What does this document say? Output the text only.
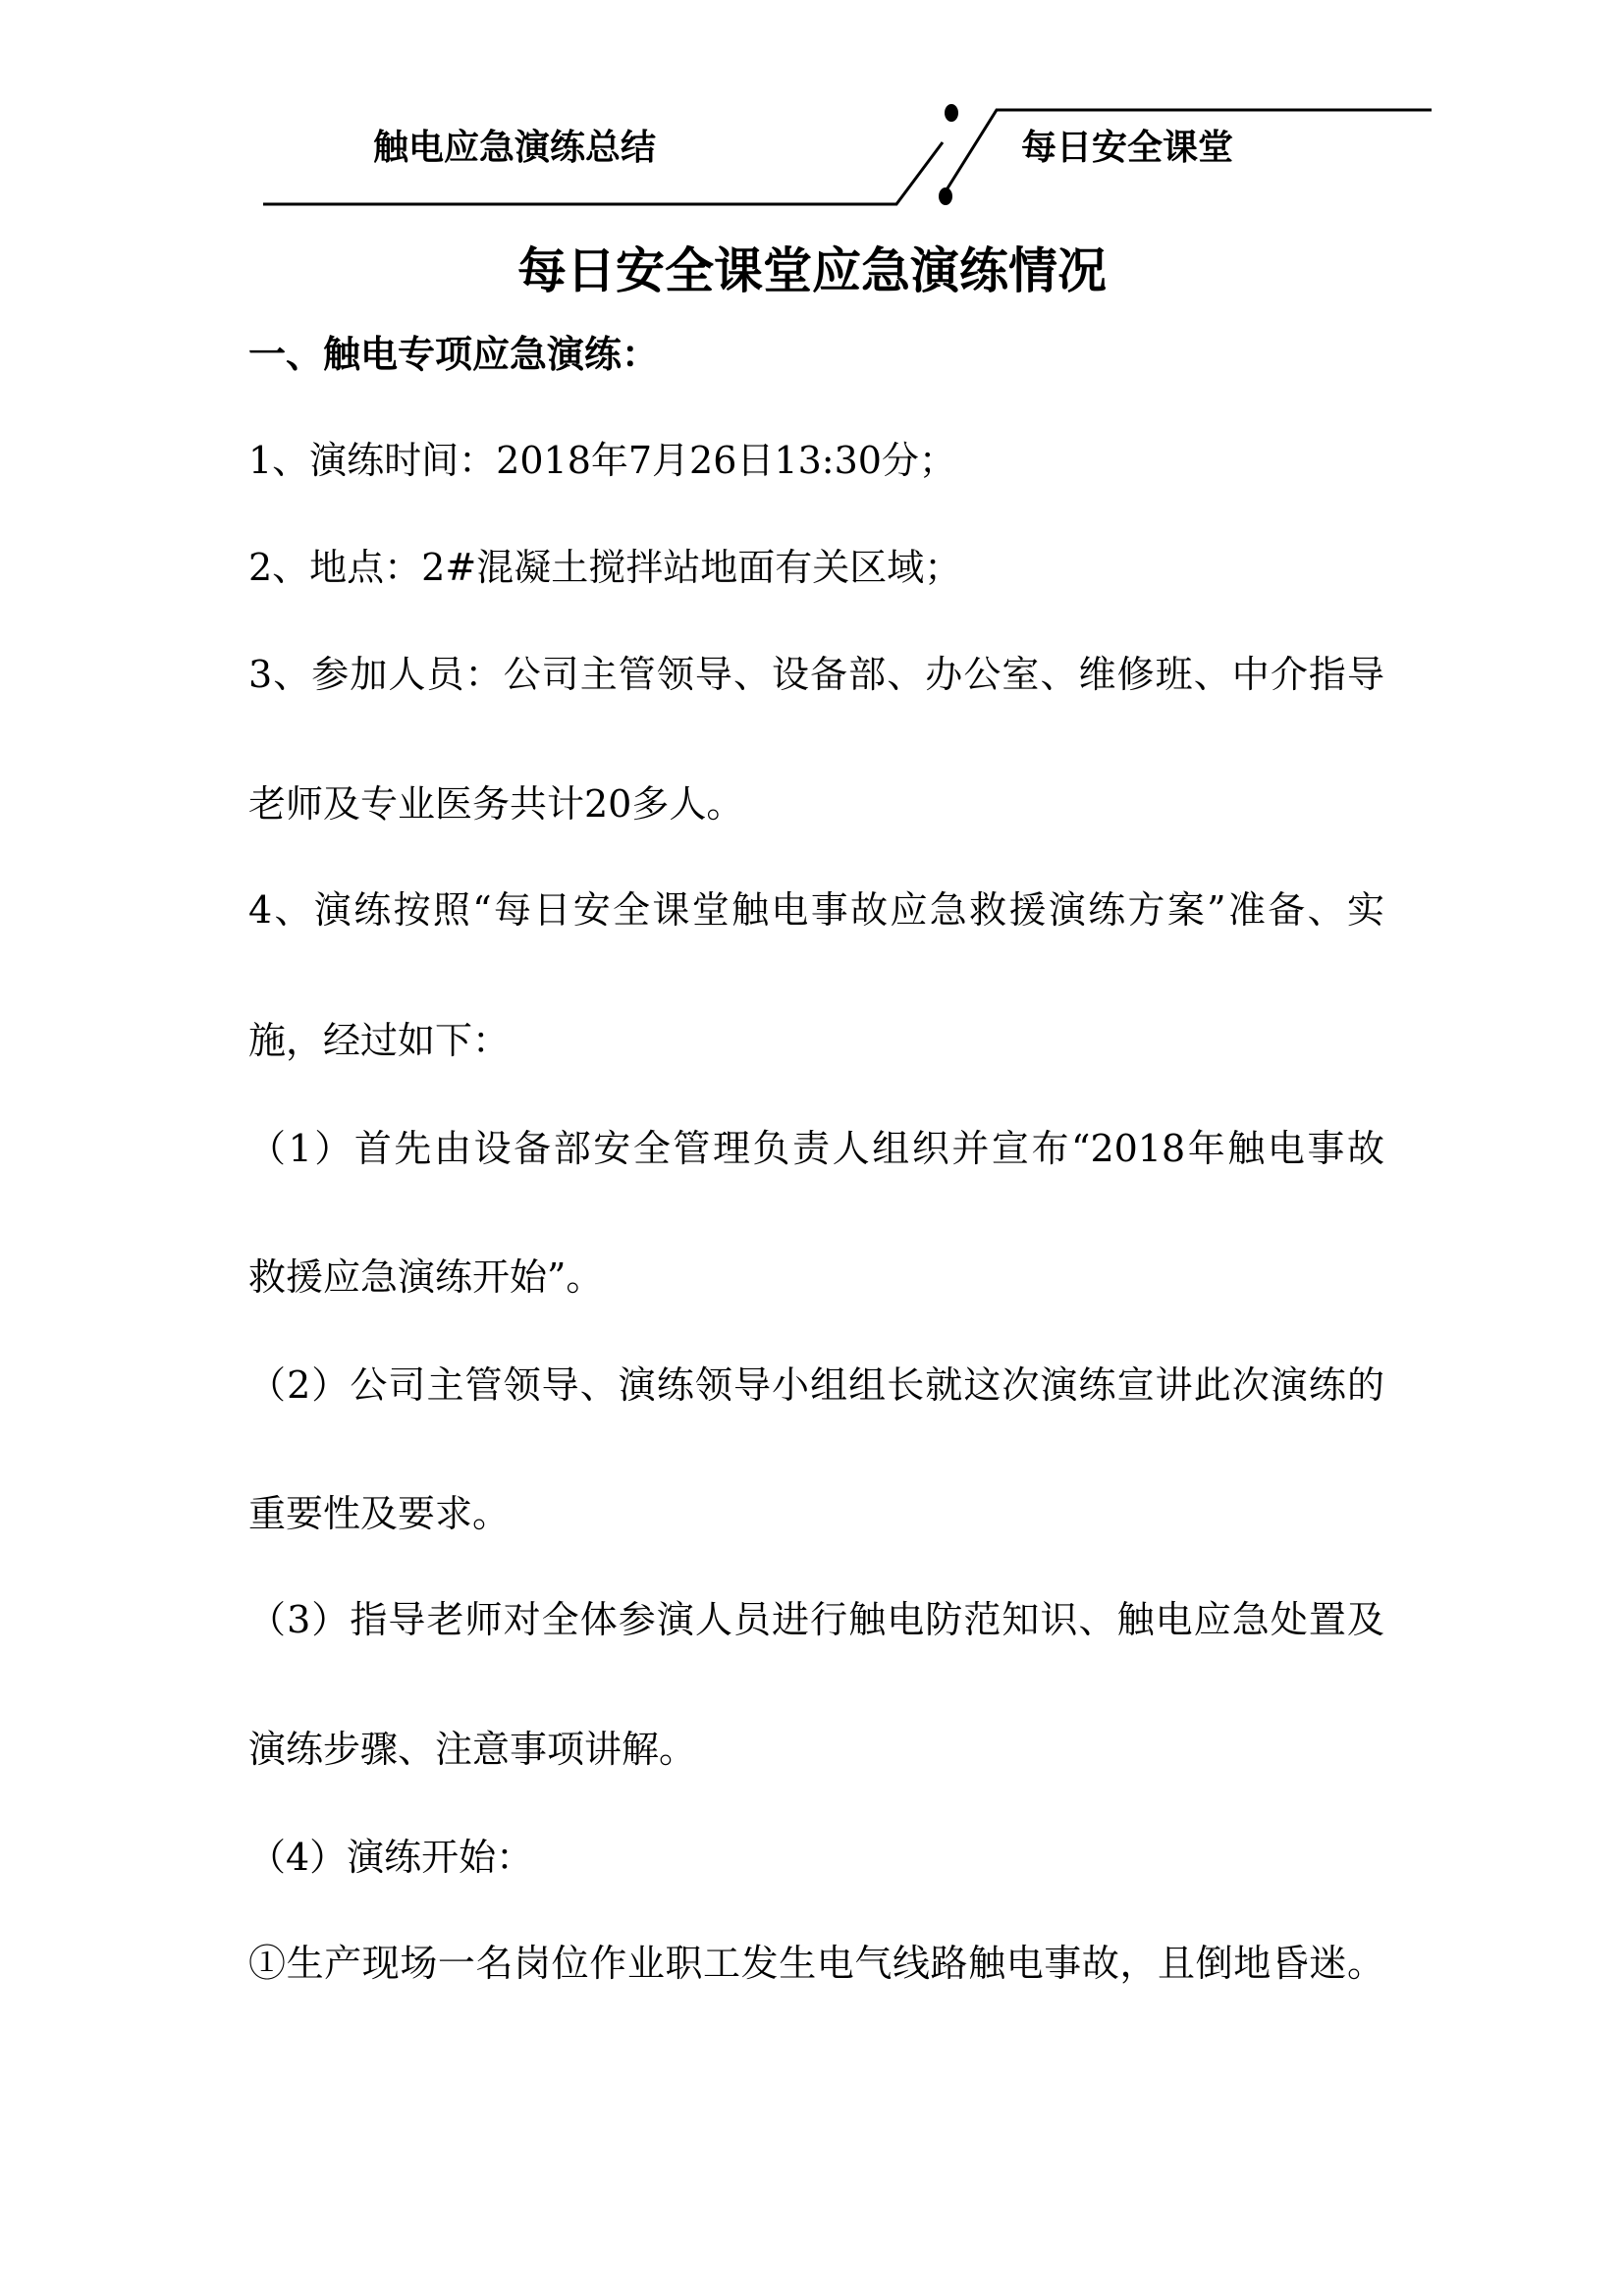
触电应急演练总结	每日安全课堂
每日安全课堂应急演练情况
一、触电专项应急演练：
1、演练时间：2018年7月26日13:30分；
2、地点：2#混凝土搅拌站地面有关区域；
3、参加人员：公司主管领导、设备部、办公室、维修班、中介指导
老师及专业医务共计20多人。
4、演练按照“每日安全课堂触电事故应急救援演练方案”准备、实
施，经过如下：
（1）首先由设备部安全管理负责人组织并宣布“2018年触电事故
救援应急演练开始”。
（2）公司主管领导、演练领导小组组长就这次演练宣讲此次演练的
重要性及要求。
（3）指导老师对全体参演人员进行触电防范知识、触电应急处置及
演练步骤、注意事项讲解。
（4）演练开始：
①生产现场一名岗位作业职工发生电气线路触电事故，且倒地昏迷。
